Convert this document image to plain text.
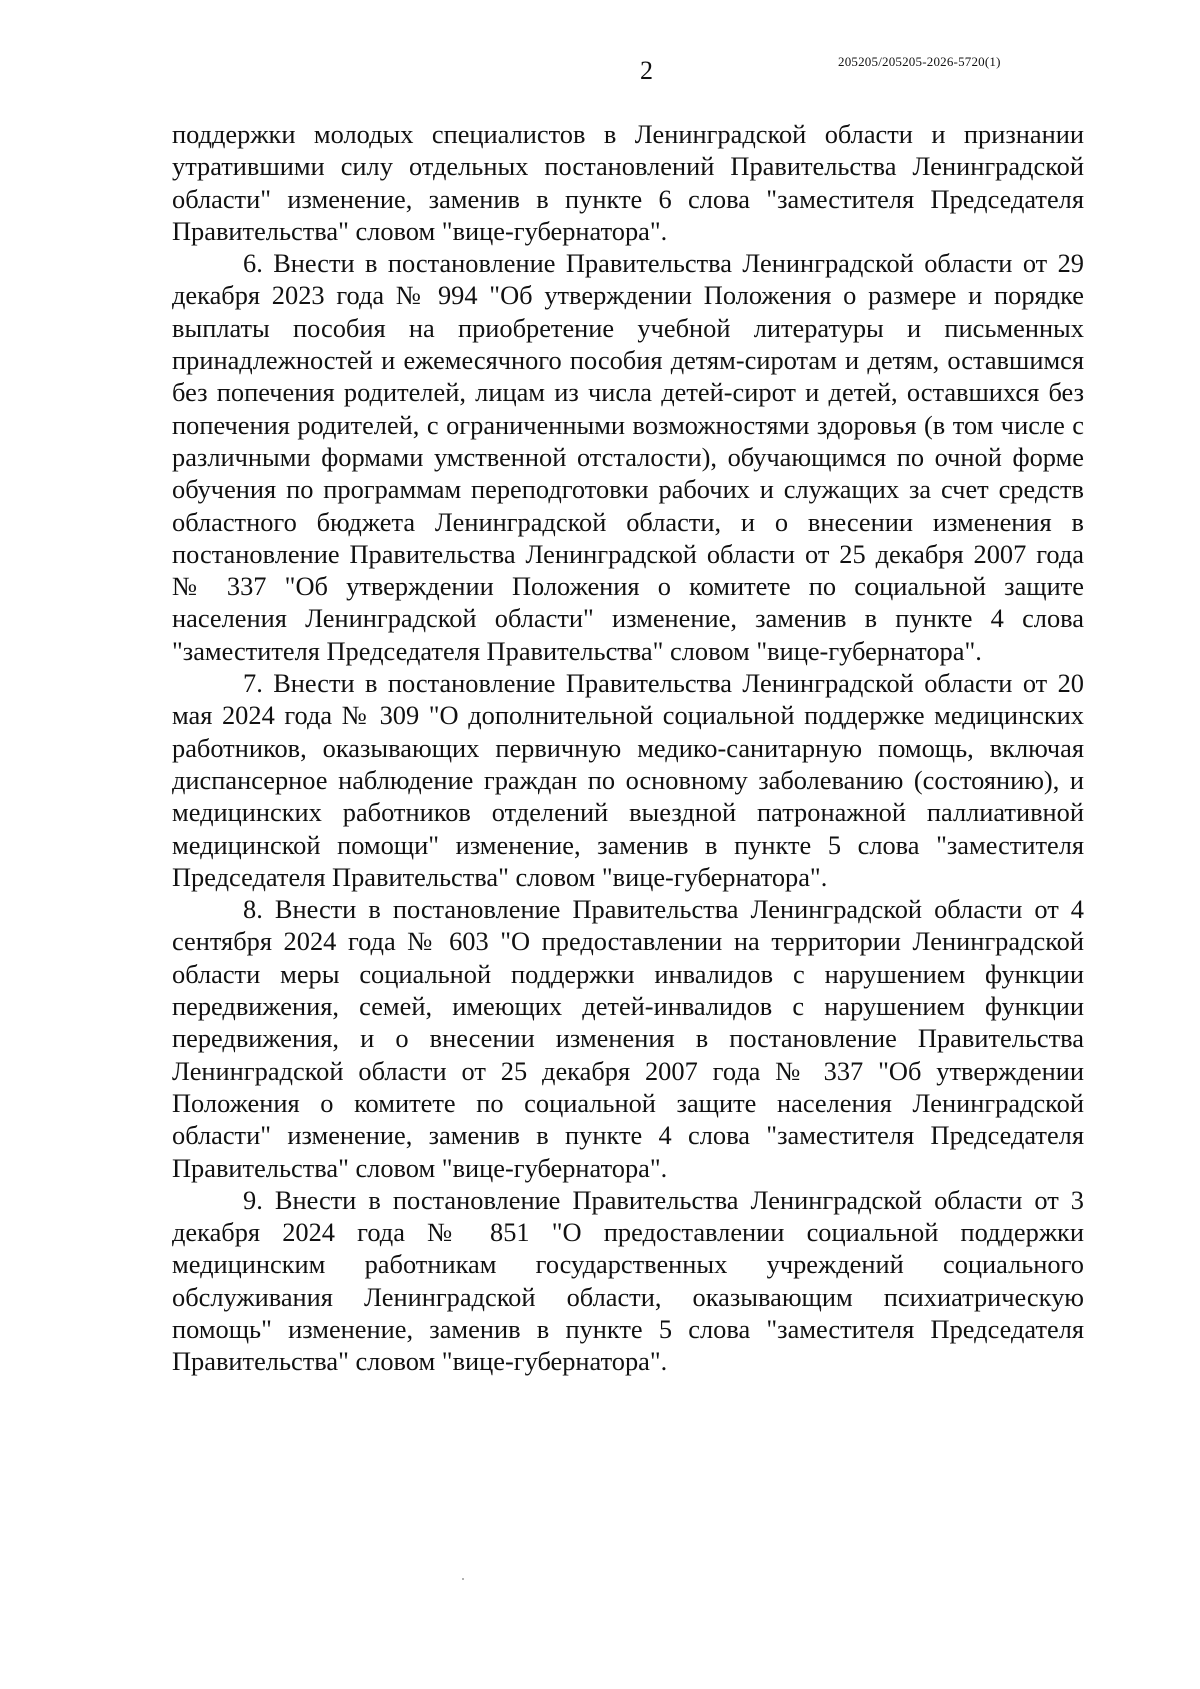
2	205205/205205-2026-5720(1)

поддержки молодых специалистов в Ленинградской области и признании утратившими силу отдельных постановлений Правительства Ленинградской области" изменение, заменив в пункте 6 слова "заместителя Председателя Правительства" словом "вице-губернатора".

6. Внести в постановление Правительства Ленинградской области от 29 декабря 2023 года № 994 "Об утверждении Положения о размере и порядке выплаты пособия на приобретение учебной литературы и письменных принадлежностей и ежемесячного пособия детям-сиротам и детям, оставшимся без попечения родителей, лицам из числа детей-сирот и детей, оставшихся без попечения родителей, с ограниченными возможностями здоровья (в том числе с различными формами умственной отсталости), обучающимся по очной форме обучения по программам переподготовки рабочих и служащих за счет средств областного бюджета Ленинградской области, и о внесении изменения в постановление Правительства Ленинградской области от 25 декабря 2007 года № 337 "Об утверждении Положения о комитете по социальной защите населения Ленинградской области" изменение, заменив в пункте 4 слова "заместителя Председателя Правительства" словом "вице-губернатора".

7. Внести в постановление Правительства Ленинградской области от 20 мая 2024 года № 309 "О дополнительной социальной поддержке медицинских работников, оказывающих первичную медико-санитарную помощь, включая диспансерное наблюдение граждан по основному заболеванию (состоянию), и медицинских работников отделений выездной патронажной паллиативной медицинской помощи" изменение, заменив в пункте 5 слова "заместителя Председателя Правительства" словом "вице-губернатора".

8. Внести в постановление Правительства Ленинградской области от 4 сентября 2024 года № 603 "О предоставлении на территории Ленинградской области меры социальной поддержки инвалидов с нарушением функции передвижения, семей, имеющих детей-инвалидов с нарушением функции передвижения, и о внесении изменения в постановление Правительства Ленинградской области от 25 декабря 2007 года № 337 "Об утверждении Положения о комитете по социальной защите населения Ленинградской области" изменение, заменив в пункте 4 слова "заместителя Председателя Правительства" словом "вице-губернатора".

9. Внести в постановление Правительства Ленинградской области от 3 декабря 2024 года № 851 "О предоставлении социальной поддержки медицинским работникам государственных учреждений социального обслуживания Ленинградской области, оказывающим психиатрическую помощь" изменение, заменив в пункте 5 слова "заместителя Председателя Правительства" словом "вице-губернатора".
